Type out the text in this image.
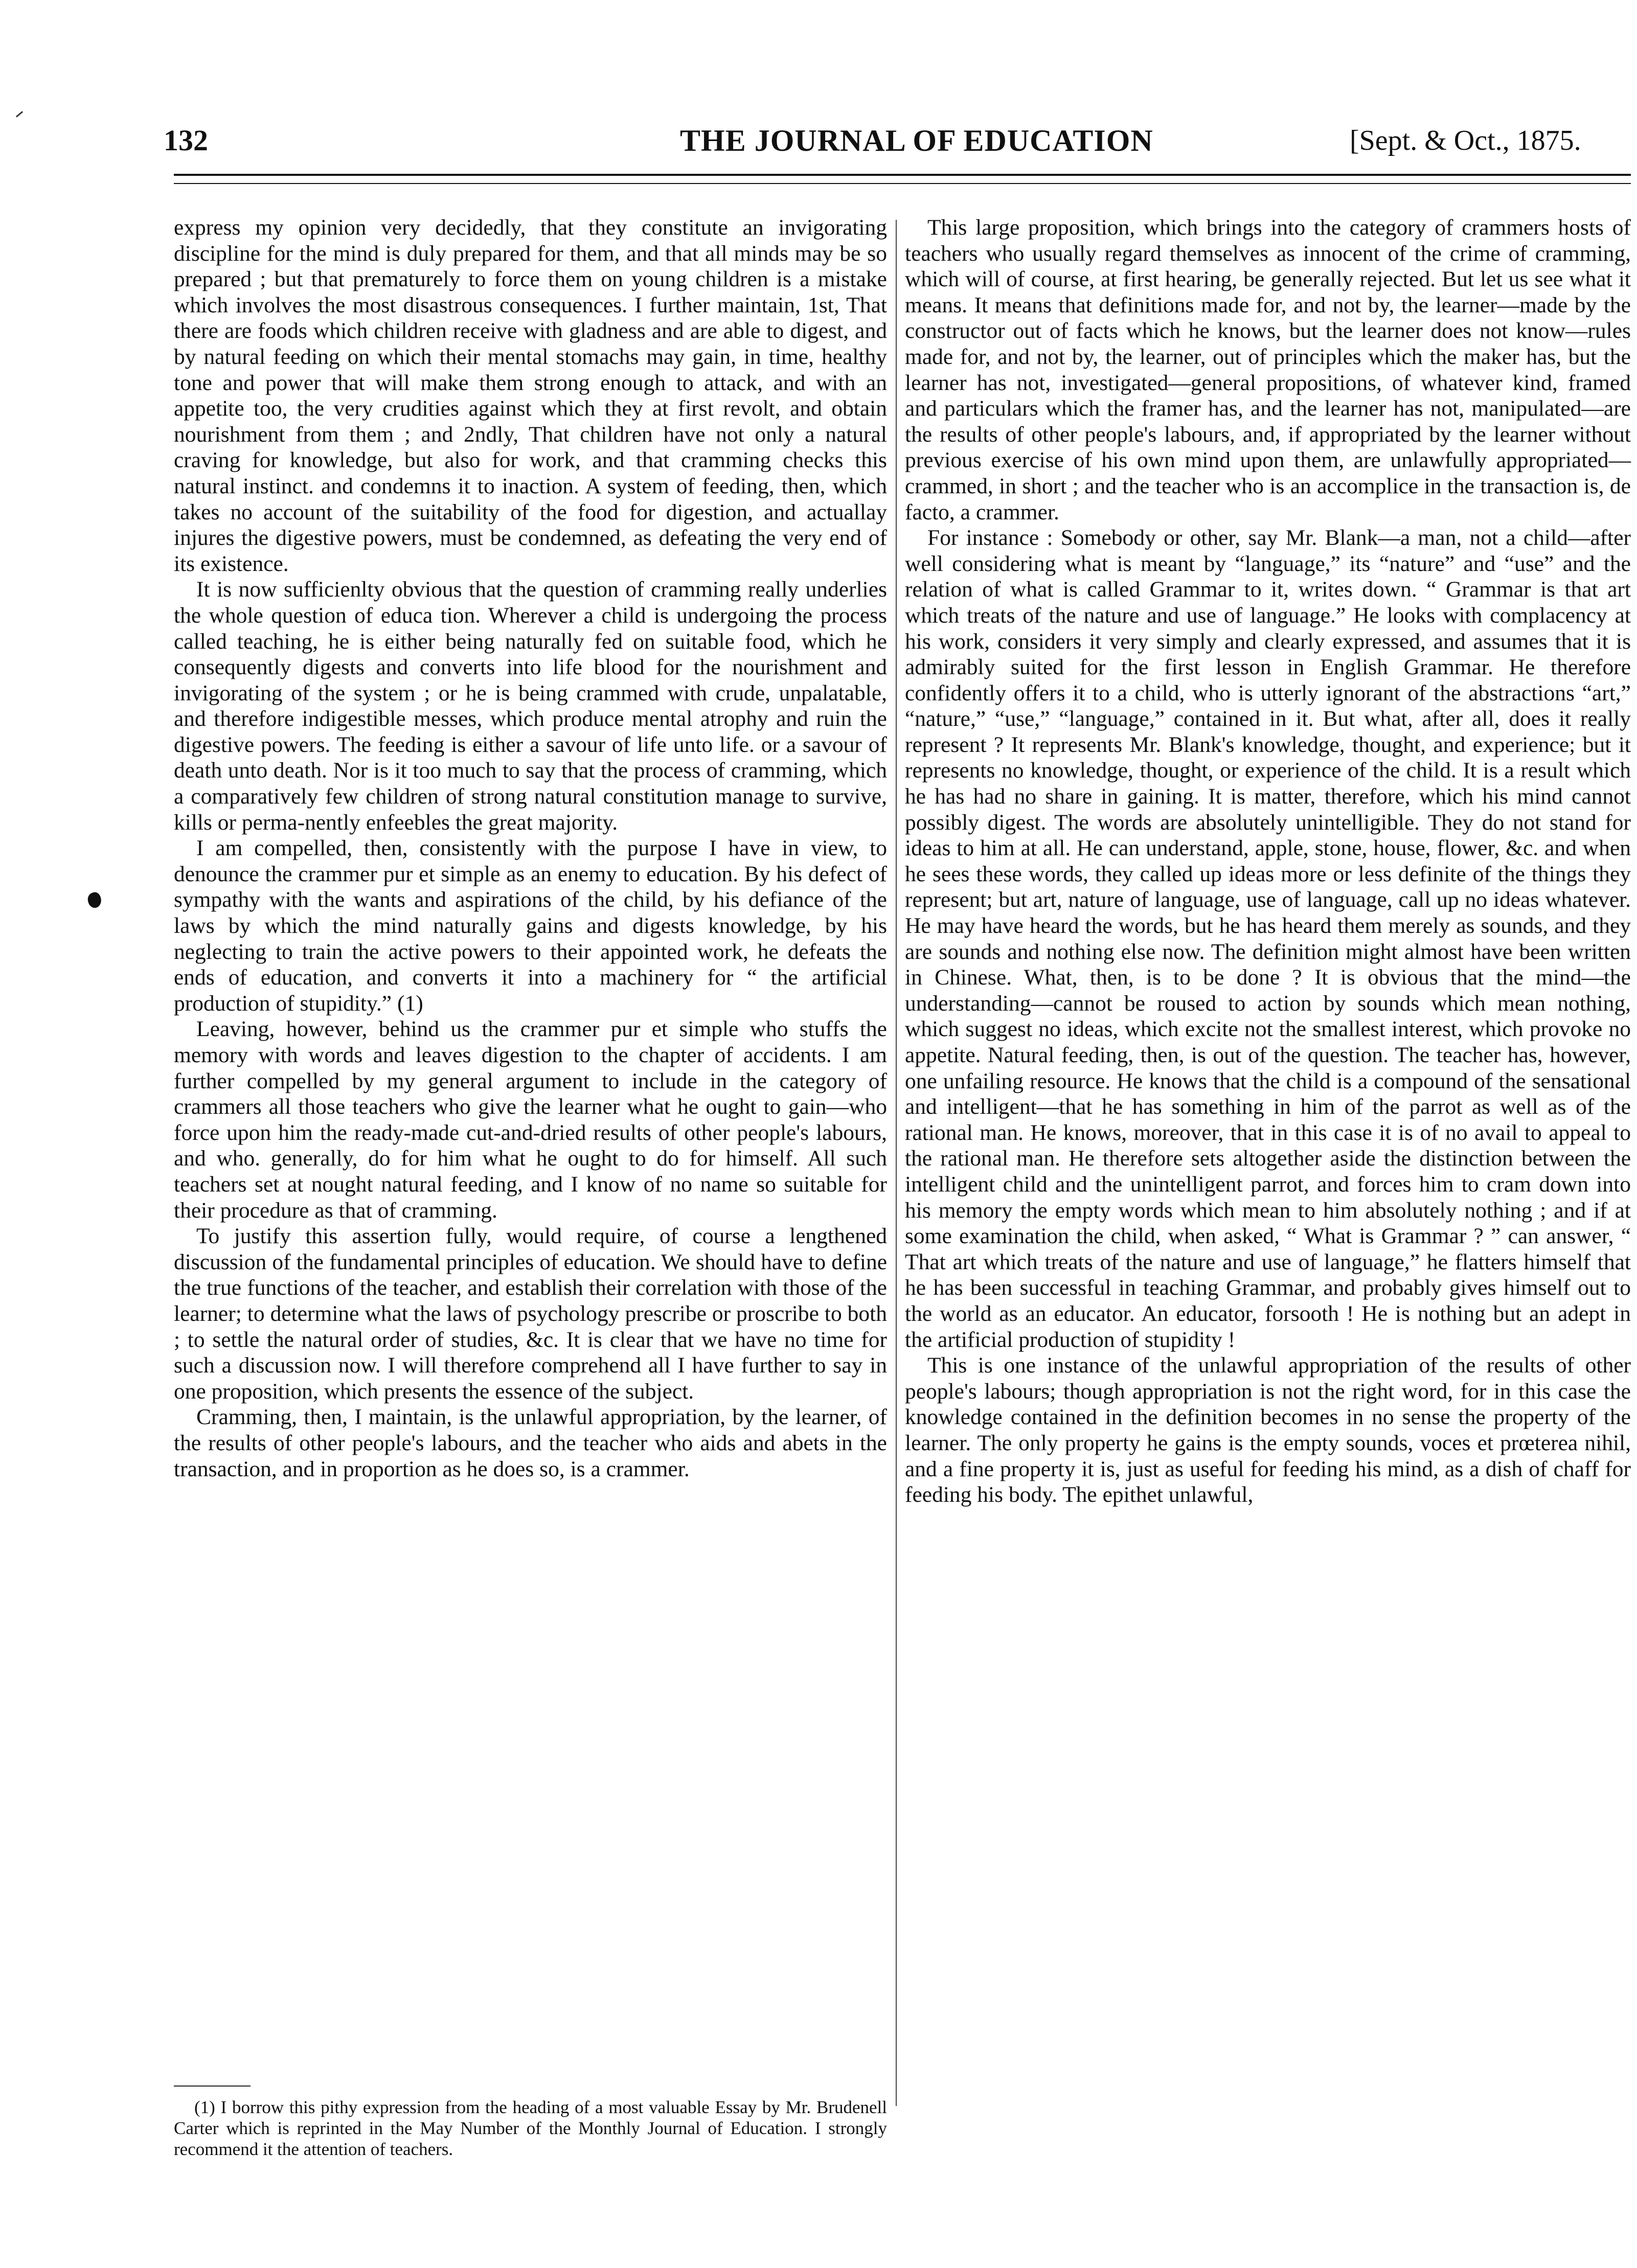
132	THE JOURNAL OF EDUCATION	[Sept. & Oct., 1875.

express my opinion very decidedly, that they constitute an invigorating discipline for the mind is duly prepared for them, and that all minds may be so prepared ; but that prematurely to force them on young children is a mistake which involves the most disastrous consequences. I further maintain, 1st, That there are foods which children receive with gladness and are able to digest, and by natural feeding on which their mental stomachs may gain, in time, healthy tone and power that will make them strong enough to attack, and with an appetite too, the very crudities against which they at first revolt, and obtain nourishment from them ; and 2ndly, That children have not only a natural craving for knowledge, but also for work, and that cramming checks this natural instinct. and condemns it to inaction. A system of feeding, then, which takes no account of the suitability of the food for digestion, and actuallay injures the digestive powers, must be condemned, as defeating the very end of its existence.

It is now sufficienlty obvious that the question of cramming really underlies the whole question of educa tion. Wherever a child is undergoing the process called teaching, he is either being naturally fed on suitable food, which he consequently digests and converts into life blood for the nourishment and invigorating of the system ; or he is being crammed with crude, unpalatable, and therefore indigestible messes, which produce mental atrophy and ruin the digestive powers. The feeding is either a savour of life unto life. or a savour of death unto death. Nor is it too much to say that the process of cramming, which a comparatively few children of strong natural constitution manage to survive, kills or perma-nently enfeebles the great majority.

I am compelled, then, consistently with the purpose I have in view, to denounce the crammer pur et simple as an enemy to education. By his defect of sympathy with the wants and aspirations of the child, by his defiance of the laws by which the mind naturally gains and digests knowledge, by his neglecting to train the active powers to their appointed work, he defeats the ends of education, and converts it into a machinery for “ the artificial production of stupidity.” (1)

Leaving, however, behind us the crammer pur et simple who stuffs the memory with words and leaves digestion to the chapter of accidents. I am further compelled by my general argument to include in the category of crammers all those teachers who give the learner what he ought to gain—who force upon him the ready-made cut-and-dried results of other people's labours, and who. generally, do for him what he ought to do for himself. All such teachers set at nought natural feeding, and I know of no name so suitable for their procedure as that of cramming.

To justify this assertion fully, would require, of course a lengthened discussion of the fundamental principles of education. We should have to define the true functions of the teacher, and establish their correlation with those of the learner; to determine what the laws of psychology prescribe or proscribe to both ; to settle the natural order of studies, &c. It is clear that we have no time for such a discussion now. I will therefore comprehend all I have further to say in one proposition, which presents the essence of the subject.

Cramming, then, I maintain, is the unlawful appropriation, by the learner, of the results of other people's labours, and the teacher who aids and abets in the transaction, and in proportion as he does so, is a crammer.

This large proposition, which brings into the category of crammers hosts of teachers who usually regard themselves as innocent of the crime of cramming, which will of course, at first hearing, be generally rejected. But let us see what it means. It means that definitions made for, and not by, the learner—made by the constructor out of facts which he knows, but the learner does not know—rules made for, and not by, the learner, out of principles which the maker has, but the learner has not, investigated—general propositions, of whatever kind, framed and particulars which the framer has, and the learner has not, manipulated—are the results of other people's labours, and, if appropriated by the learner without previous exercise of his own mind upon them, are unlawfully appropriated—crammed, in short ; and the teacher who is an accomplice in the transaction is, de facto, a crammer.

For instance : Somebody or other, say Mr. Blank—a man, not a child—after well considering what is meant by “language,” its “nature” and “use” and the relation of what is called Grammar to it, writes down. “ Grammar is that art which treats of the nature and use of language.” He looks with complacency at his work, considers it very simply and clearly expressed, and assumes that it is admirably suited for the first lesson in English Grammar. He therefore confidently offers it to a child, who is utterly ignorant of the abstractions “art,” “nature,” “use,” “language,” contained in it. But what, after all, does it really represent ? It represents Mr. Blank's knowledge, thought, and experience; but it represents no knowledge, thought, or experience of the child. It is a result which he has had no share in gaining. It is matter, therefore, which his mind cannot possibly digest. The words are absolutely unintelligible. They do not stand for ideas to him at all. He can understand, apple, stone, house, flower, &c. and when he sees these words, they called up ideas more or less definite of the things they represent; but art, nature of language, use of language, call up no ideas whatever. He may have heard the words, but he has heard them merely as sounds, and they are sounds and nothing else now. The definition might almost have been written in Chinese. What, then, is to be done ? It is obvious that the mind—the understanding—cannot be roused to action by sounds which mean nothing, which suggest no ideas, which excite not the smallest interest, which provoke no appetite. Natural feeding, then, is out of the question. The teacher has, however, one unfailing resource. He knows that the child is a compound of the sensational and intelligent—that he has something in him of the parrot as well as of the rational man. He knows, moreover, that in this case it is of no avail to appeal to the rational man. He therefore sets altogether aside the distinction between the intelligent child and the unintelligent parrot, and forces him to cram down into his memory the empty words which mean to him absolutely nothing ; and if at some examination the child, when asked, “ What is Grammar ? ” can answer, “ That art which treats of the nature and use of language,” he flatters himself that he has been successful in teaching Grammar, and probably gives himself out to the world as an educator. An educator, forsooth ! He is nothing but an adept in the artificial production of stupidity !

This is one instance of the unlawful appropriation of the results of other people's labours; though appropriation is not the right word, for in this case the knowledge contained in the definition becomes in no sense the property of the learner. The only property he gains is the empty sounds, voces et prœterea nihil, and a fine property it is, just as useful for feeding his mind, as a dish of chaff for feeding his body. The epithet unlawful,

(1) I borrow this pithy expression from the heading of a most valuable Essay by Mr. Brudenell Carter which is reprinted in the May Number of the Monthly Journal of Education. I strongly recommend it the attention of teachers.
